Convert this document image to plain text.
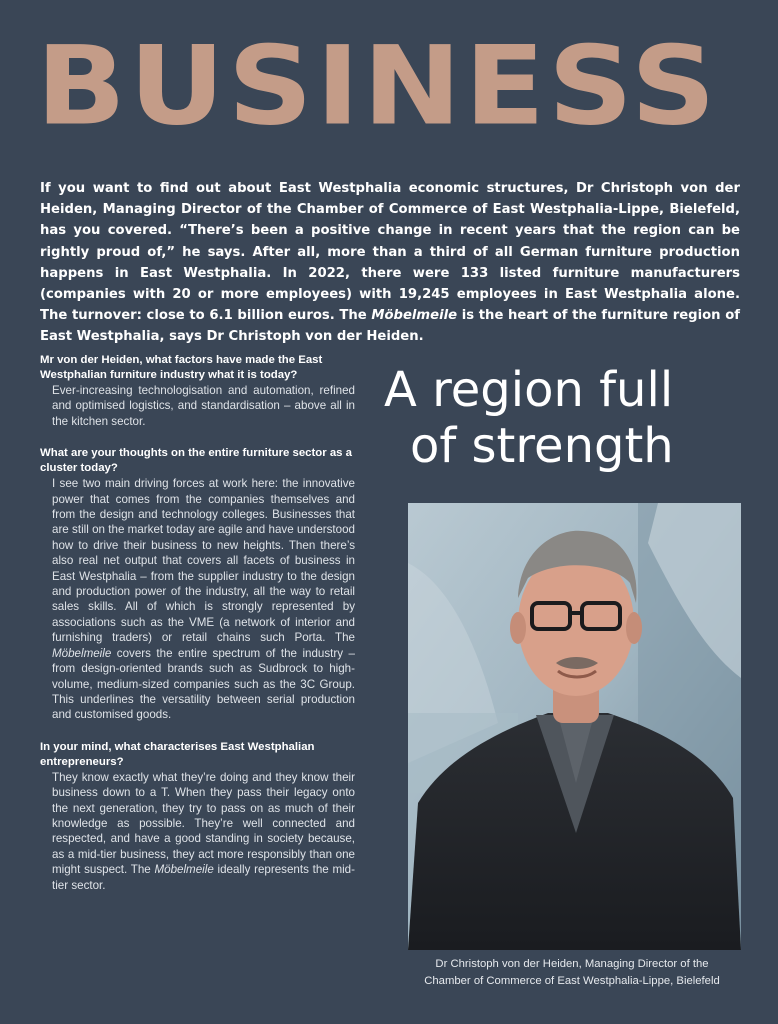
BUSINESS
If you want to find out about East Westphalia economic structures, Dr Christoph von der Heiden, Managing Director of the Chamber of Commerce of East Westphalia-Lippe, Bielefeld, has you covered. “There’s been a positive change in recent years that the region can be rightly proud of,” he says. After all, more than a third of all German furniture production happens in East Westphalia. In 2022, there were 133 listed furniture manufacturers (companies with 20 or more employees) with 19,245 employees in East Westphalia alone. The turnover: close to 6.1 billion euros. The Möbelmeile is the heart of the furniture region of East Westphalia, says Dr Christoph von der Heiden.

Mr von der Heiden, what factors have made the East Westphalian furniture industry what it is today?

Ever-increasing technologisation and automation, refined and optimised logistics, and standardisation – above all in the kitchen sector.

What are your thoughts on the entire furniture sector as a cluster today?

I see two main driving forces at work here: the innovative power that comes from the companies themselves and from the design and technology colleges. Businesses that are still on the market today are agile and have understood how to drive their business to new heights. Then there’s also real net output that covers all facets of business in East Westphalia – from the supplier industry to the design and production power of the industry, all the way to retail sales skills. All of which is strongly represented by associations such as the VME (a network of interior and furnishing traders) or retail chains such Porta. The Möbelmeile covers the entire spectrum of the industry – from design-oriented brands such as Sudbrock to high-volume, medium-sized companies such as the 3C Group. This underlines the versatility between serial production and customised goods.

In your mind, what characterises East Westphalian entrepreneurs?

They know exactly what they’re doing and they know their business down to a T. When they pass their legacy onto the next generation, they try to pass on as much of their knowledge as possible. They’re well connected and respected, and have a good standing in society because, as a mid-tier business, they act more responsibly than one might suspect. The Möbelmeile ideally represents the mid-tier sector.

A region full
of strength
Dr Christoph von der Heiden, Managing Director of the
Chamber of Commerce of East Westphalia-Lippe, Bielefeld
